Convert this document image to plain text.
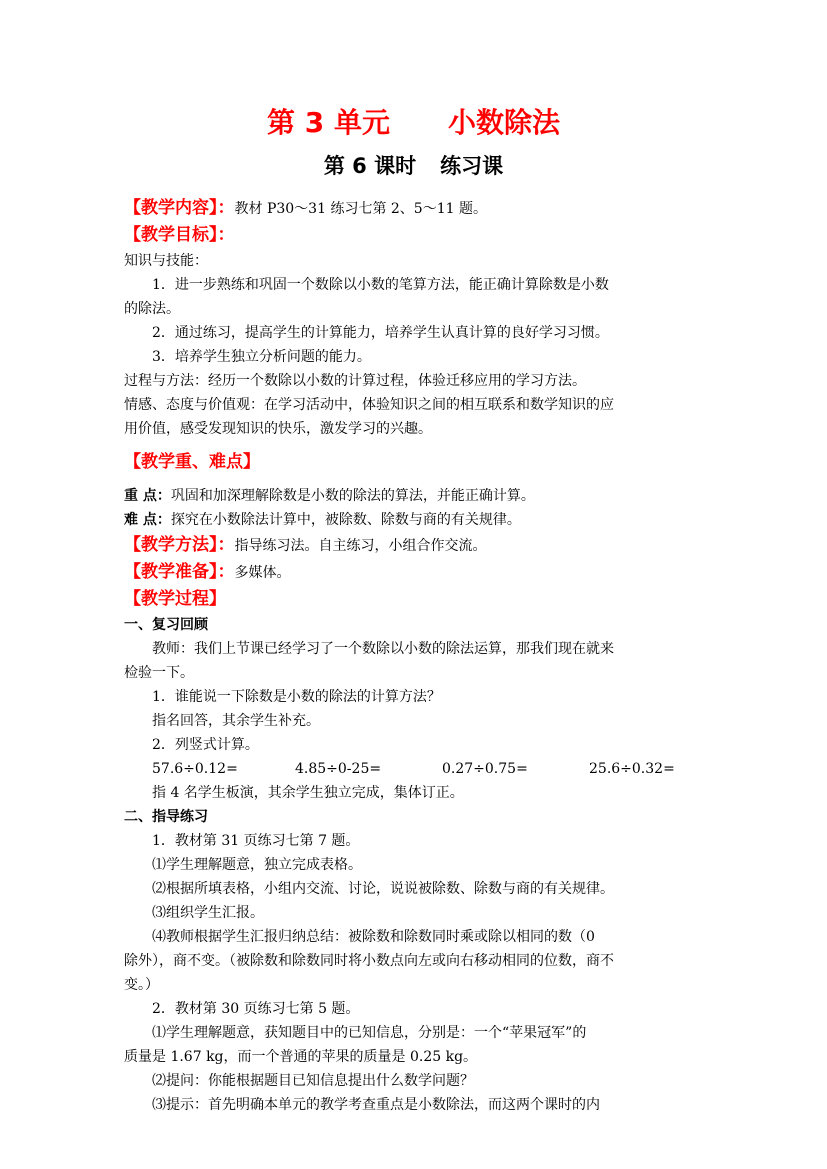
第 3 单元 小数除法
第 6 课时 练习课
【教学内容】：教材 P30～31 练习七第 2、5～11 题。
【教学目标】：
知识与技能：
1．进一步熟练和巩固一个数除以小数的笔算方法，能正确计算除数是小数
的除法。
2．通过练习，提高学生的计算能力，培养学生认真计算的良好学习习惯。
3．培养学生独立分析问题的能力。
过程与方法：经历一个数除以小数的计算过程，体验迁移应用的学习方法。
情感、态度与价值观：在学习活动中，体验知识之间的相互联系和数学知识的应
用价值，感受发现知识的快乐，激发学习的兴趣。
【教学重、难点】
重 点：巩固和加深理解除数是小数的除法的算法，并能正确计算。
难 点：探究在小数除法计算中，被除数、除数与商的有关规律。
【教学方法】：指导练习法。自主练习，小组合作交流。
【教学准备】：多媒体。
【教学过程】
一、复习回顾
教师：我们上节课已经学习了一个数除以小数的除法运算，那我们现在就来
检验一下。
1．谁能说一下除数是小数的除法的计算方法？
指名回答，其余学生补充。
2．列竖式计算。
57.6÷0.12=	4.85÷0-25=	0.27÷0.75=	25.6÷0.32=
指 4 名学生板演，其余学生独立完成，集体订正。
二、指导练习
1．教材第 31 页练习七第 7 题。
⑴学生理解题意，独立完成表格。
⑵根据所填表格，小组内交流、讨论，说说被除数、除数与商的有关规律。
⑶组织学生汇报。
⑷教师根据学生汇报归纳总结：被除数和除数同时乘或除以相同的数（0
除外），商不变。（被除数和除数同时将小数点向左或向右移动相同的位数，商不
变。）
2．教材第 30 页练习七第 5 题。
⑴学生理解题意，获知题目中的已知信息，分别是：一个“苹果冠军”的
质量是 1.67 kg，而一个普通的苹果的质量是 0.25 kg。
⑵提问：你能根据题目已知信息提出什么数学问题？
⑶提示：首先明确本单元的教学考查重点是小数除法，而这两个课时的内
